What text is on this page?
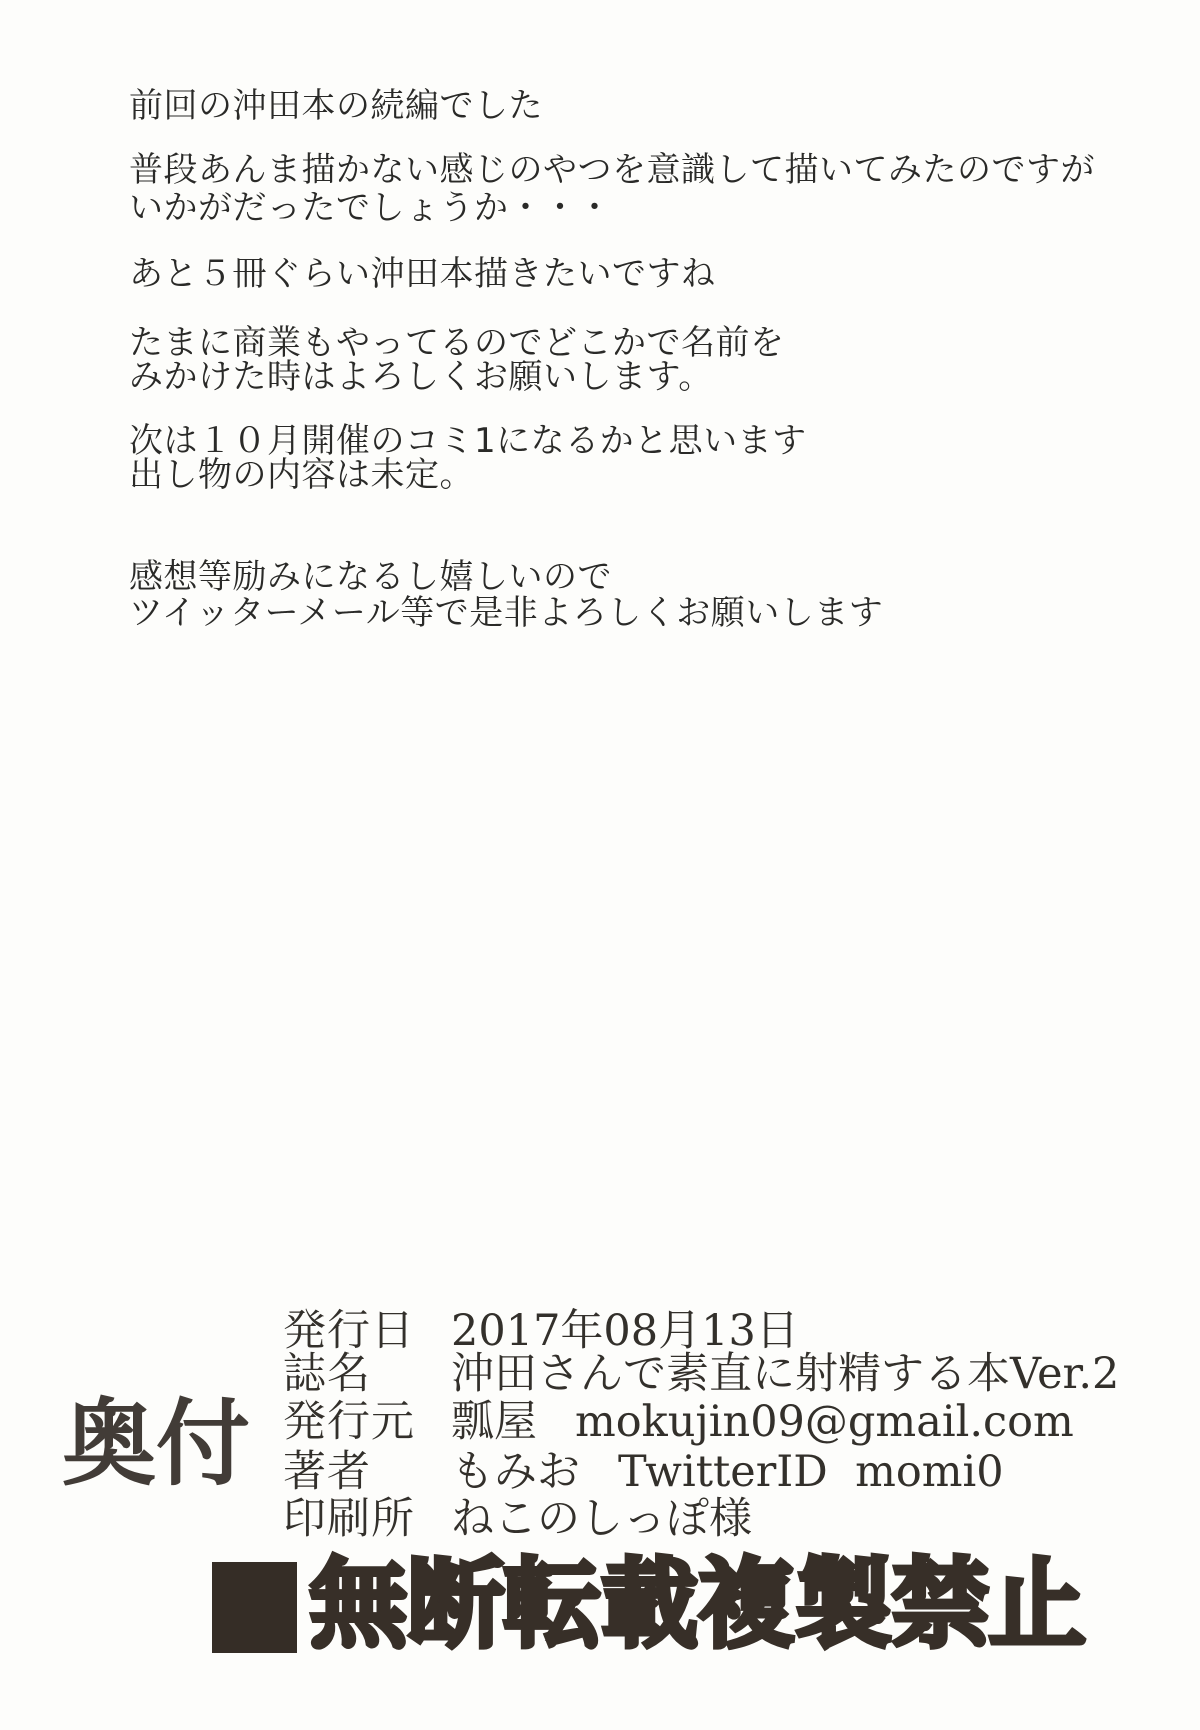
前回の沖田本の続編でした
普段あんま描かない感じのやつを意識して描いてみたのですが
いかがだったでしょうか・・・
あと５冊ぐらい沖田本描きたいですね
たまに商業もやってるのでどこかで名前を
みかけた時はよろしくお願いします。
次は１０月開催のコミ1になるかと思います
出し物の内容は未定。
感想等励みになるし嬉しいので
ツイッターメール等で是非よろしくお願いします
奥付
発行日 2017年08月13日
誌名 沖田さんで素直に射精する本Ver.2
発行元 瓢屋 mokujin09@gmail.com
著者 もみお TwitterID  momi0
印刷所 ねこのしっぽ様
無断転載複製禁止
